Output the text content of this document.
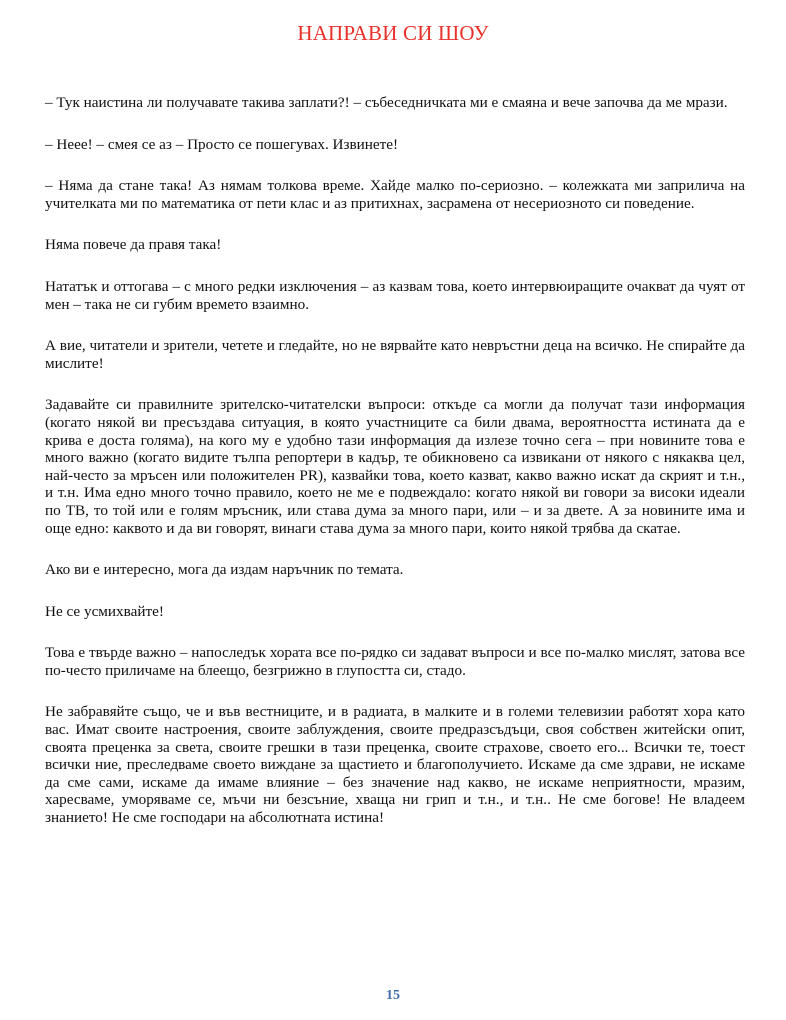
НАПРАВИ СИ ШОУ

– Тук наистина ли получавате такива заплати?! – събеседничката ми е смаяна и вече започва да ме мрази.

– Неее! – смея се аз – Просто се пошегувах. Извинете!

– Няма да стане така! Аз нямам толкова време. Хайде малко по-сериозно. – колежката ми заприлича на учителката ми по математика от пети клас и аз притихнах, засрамена от несериозното си поведение.

Няма повече да правя така!

Нататък и оттогава – с много редки изключения – аз казвам това, което интервюиращите очакват да чуят от мен – така не си губим времето взаимно.

А вие, читатели и зрители, четете и гледайте, но не вярвайте като невръстни деца на всичко. Не спирайте да мислите!

Задавайте си правилните зрителско-читателски въпроси: откъде са могли да получат тази информация (когато някой ви пресъздава ситуация, в която участниците са били двама, вероятността истината да е крива е доста голяма), на кого му е удобно тази информация да излезе точно сега – при новините това е много важно (когато видите тълпа репортери в кадър, те обикновено са извикани от някого с някаква цел, най-често за мръсен или положителен PR), казвайки това, което казват, какво важно искат да скрият и т.н., и т.н. Има едно много точно правило, което не ме е подвеждало: когато някой ви говори за високи идеали по ТВ, то той или е голям мръсник, или става дума за много пари, или – и за двете. А за новините има и още едно: каквото и да ви говорят, винаги става дума за много пари, които някой трябва да скатае.

Ако ви е интересно, мога да издам наръчник по темата.

Не се усмихвайте!

Това е твърде важно – напоследък хората все по-рядко си задават въпроси и все по-малко мислят, затова все по-често приличаме на блеещо, безгрижно в глупостта си, стадо.

Не забравяйте също, че и във вестниците, и в радиата, в малките и в големи телевизии работят хора като вас. Имат своите настроения, своите заблуждения, своите предразсъдъци, своя собствен житейски опит, своята преценка за света, своите грешки в тази преценка, своите страхове, своето его... Всички те, тоест всички ние, преследваме своето виждане за щастието и благополучието. Искаме да сме здрави, не искаме да сме сами, искаме да имаме влияние – без значение над какво, не искаме неприятности, мразим, харесваме, уморяваме се, мъчи ни безсъние, хваща ни грип и т.н., и т.н.. Не сме богове! Не владеем знанието! Не сме господари на абсолютната истина!

15
